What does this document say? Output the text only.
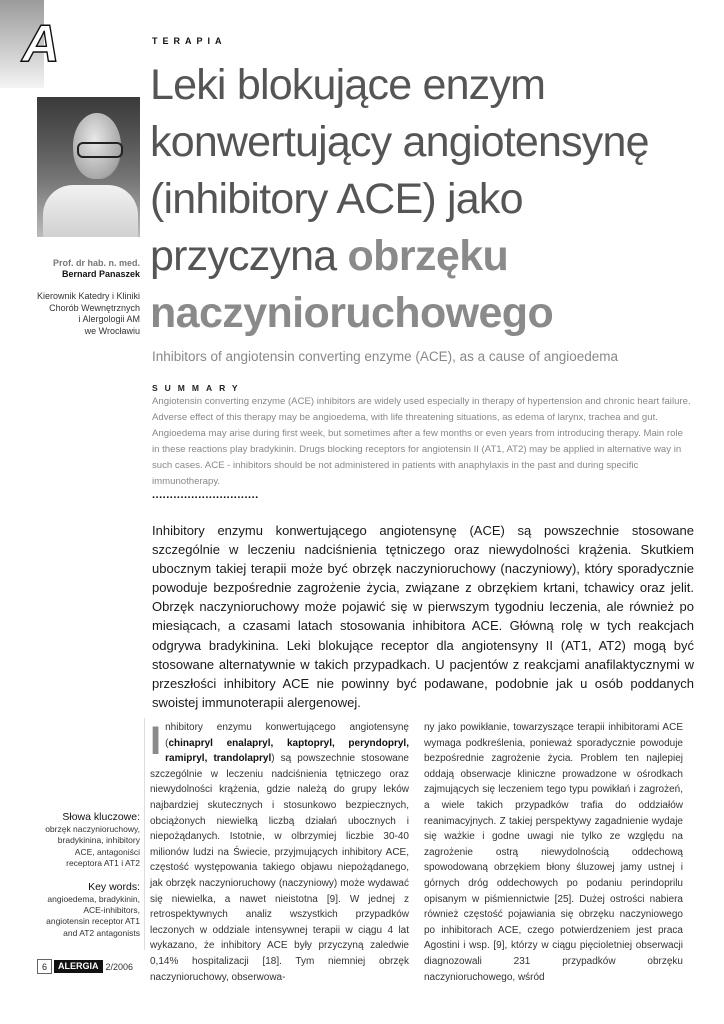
A	TERAPIA
Prof. dr hab. n. med.
Bernard Panaszek
Kierownik Katedry i Kliniki
Chorób Wewnętrznych
i Alergologii AM
we Wrocławiu
Leki blokujące enzym
konwertujący angiotensynę
(inhibitory ACE) jako
przyczyna obrzęku
naczynioruchowego
Inhibitors of angiotensin converting enzyme (ACE), as a cause of angioedema
SUMMARY
Angiotensin converting enzyme (ACE) inhibitors are widely used especially in therapy of hypertension and chronic heart failure. Adverse effect of this therapy may be angioedema, with life threatening situations, as edema of larynx, trachea and gut. Angioedema may arise during first week, but sometimes after a few months or even years from introducing therapy. Main role in these reactions play bradykinin. Drugs blocking receptors for angiotensin II (AT1, AT2) may be applied in alternative way in such cases. ACE - inhibitors should be not administered in patients with anaphylaxis in the past and during specific immunotherapy.
..............................
Inhibitory enzymu konwertującego angiotensynę (ACE) są powszechnie stosowane szczególnie w leczeniu nadciśnienia tętniczego oraz niewydolności krążenia. Skutkiem ubocznym takiej terapii może być obrzęk naczynioruchowy (naczyniowy), który sporadycznie powoduje bezpośrednie zagrożenie życia, związane z obrzękiem krtani, tchawicy oraz jelit. Obrzęk naczynioruchowy może pojawić się w pierwszym tygodniu leczenia, ale również po miesiącach, a czasami latach stosowania inhibitora ACE. Główną rolę w tych reakcjach odgrywa bradykinina. Leki blokujące receptor dla angiotensyny II (AT1, AT2) mogą być stosowane alternatywnie w takich przypadkach. U pacjentów z reakcjami anafilaktycznymi w przeszłości inhibitory ACE nie powinny być podawane, podobnie jak u osób poddanych swoistej immunoterapii alergenowej.
Słowa kluczowe:
obrzęk naczynioruchowy,
bradykinina, inhibitory
ACE, antagoniści
receptora AT1 i AT2
Key words:
angioedema, bradykinin,
ACE-inhibitors,
angiotensin receptor AT1
and AT2 antagonists
Inhibitory enzymu konwertującego angiotensynę (chinapryl enalapryl, kaptopryl, peryndopryl, ramipryl, trandolapryl) są powszechnie stosowane szczególnie w leczeniu nadciśnienia tętniczego oraz niewydolności krążenia, gdzie należą do grupy leków najbardziej skutecznych i stosunkowo bezpiecznych, obciążonych niewielką liczbą działań ubocznych i niepożądanych. Istotnie, w olbrzymiej liczbie 30-40 milionów ludzi na Świecie, przyjmujących inhibitory ACE, częstość występowania takiego objawu niepożądanego, jak obrzęk naczynioruchowy (naczyniowy) może wydawać się niewielka, a nawet nieistotna [9]. W jednej z retrospektywnych analiz wszystkich przypadków leczonych w oddziale intensywnej terapii w ciągu 4 lat wykazano, że inhibitory ACE były przyczyną zaledwie 0,14% hospitalizacji [18]. Tym niemniej obrzęk naczynioruchowy, obserwowa-
ny jako powikłanie, towarzyszące terapii inhibitorami ACE wymaga podkreślenia, ponieważ sporadycznie powoduje bezpośrednie zagrożenie życia. Problem ten najlepiej oddają obserwacje kliniczne prowadzone w ośrodkach zajmujących się leczeniem tego typu powikłań i zagrożeń, a wiele takich przypadków trafia do oddziałów reanimacyjnych. Z takiej perspektywy zagadnienie wydaje się ważkie i godne uwagi nie tylko ze względu na zagrożenie ostrą niewydolnością oddechową spowodowaną obrzękiem błony śluzowej jamy ustnej i górnych dróg oddechowych po podaniu perindoprilu opisanym w piśmiennictwie [25]. Dużej ostrości nabiera również częstość pojawiania się obrzęku naczyniowego po inhibitorach ACE, czego potwierdzeniem jest praca Agostini i wsp. [9], którzy w ciągu pięcioletniej obserwacji diagnozowali 231 przypadków obrzęku naczynioruchowego, wśród
6	ALERGIA 2/2006
